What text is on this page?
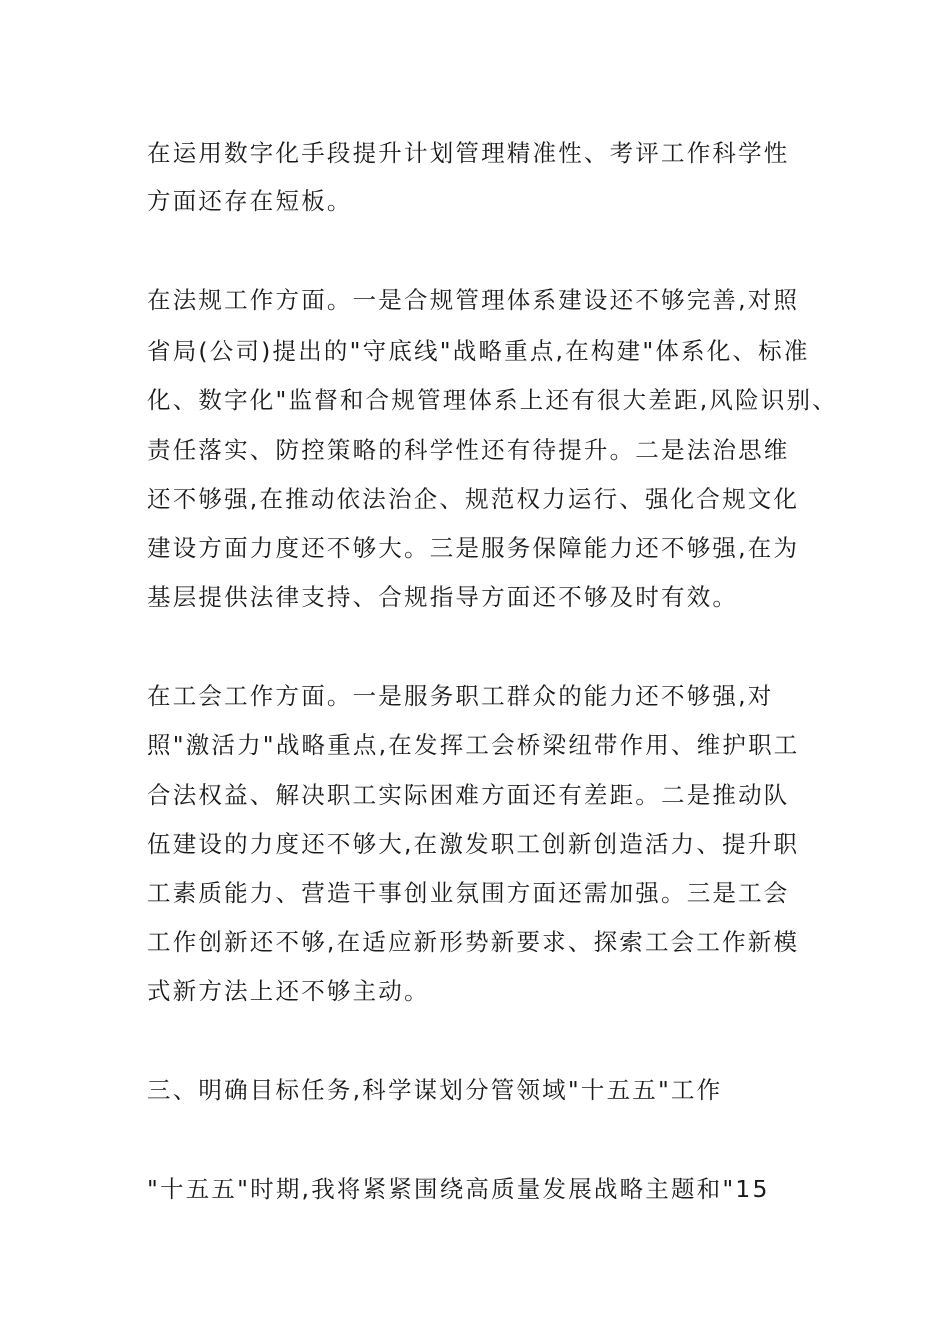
在运用数字化手段提升计划管理精准性、考评工作科学性

方面还存在短板。

在法规工作方面。一是合规管理体系建设还不够完善,对照

省局(公司)提出的"守底线"战略重点,在构建"体系化、标准

化、数字化"监督和合规管理体系上还有很大差距,风险识别、

责任落实、防控策略的科学性还有待提升。二是法治思维

还不够强,在推动依法治企、规范权力运行、强化合规文化

建设方面力度还不够大。三是服务保障能力还不够强,在为

基层提供法律支持、合规指导方面还不够及时有效。

在工会工作方面。一是服务职工群众的能力还不够强,对

照"激活力"战略重点,在发挥工会桥梁纽带作用、维护职工

合法权益、解决职工实际困难方面还有差距。二是推动队

伍建设的力度还不够大,在激发职工创新创造活力、提升职

工素质能力、营造干事创业氛围方面还需加强。三是工会

工作创新还不够,在适应新形势新要求、探索工会工作新模

式新方法上还不够主动。

三、明确目标任务,科学谋划分管领域"十五五"工作

"十五五"时期,我将紧紧围绕高质量发展战略主题和"15
